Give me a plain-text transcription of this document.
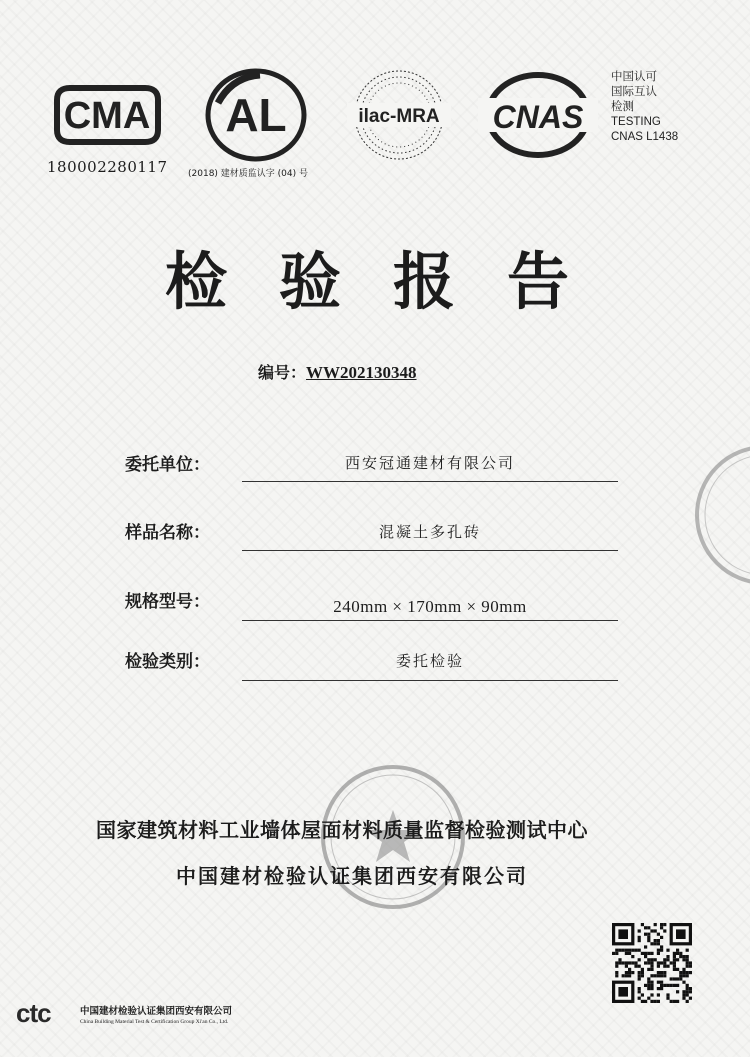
CMA
180002280117
AL
(2018) 建材质监认字 (04) 号
ilac-MRA CNAS
中国认可
国际互认
检测
TESTING
CNAS L1438
检验报告
编号：WW202130348
委托单位：	西安冠通建材有限公司
样品名称：	混凝土多孔砖
规格型号：	240mm × 170mm × 90mm
检验类别：	委托检验
国家建筑材料工业墙体屋面材料质量监督检验测试中心
中国建材检验认证集团西安有限公司
ctc	中国建材检验认证集团西安有限公司
China Building Material Test & Certification Group Xi'an Co., Ltd.
